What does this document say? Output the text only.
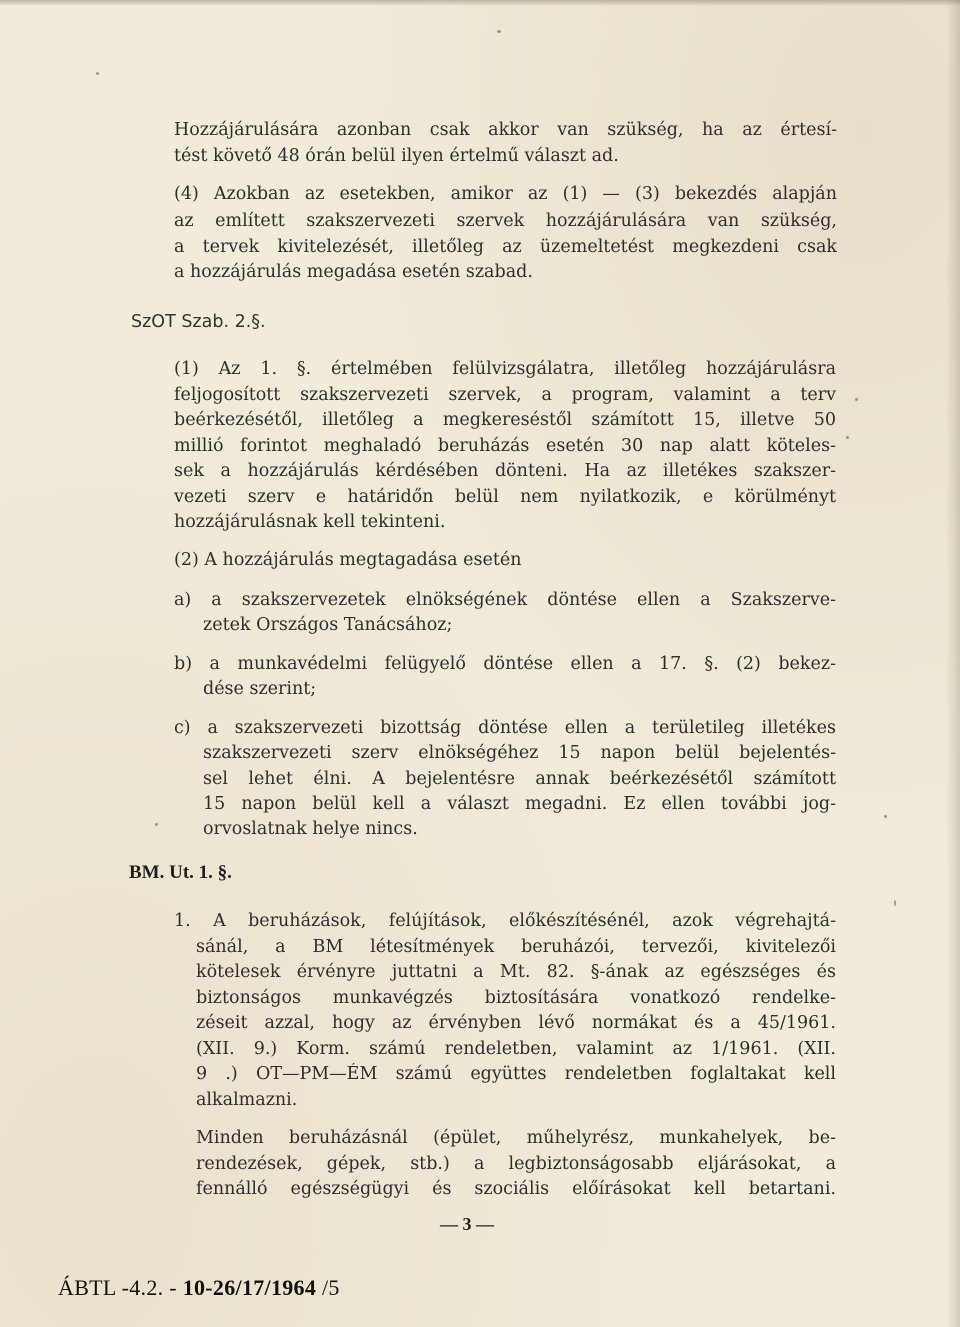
Hozzájárulására azonban csak akkor van szükség, ha az értesí-
tést követő 48 órán belül ilyen értelmű választ ad.
(4) Azokban az esetekben, amikor az (1) — (3) bekezdés alapján
az említett szakszervezeti szervek hozzájárulására van szükség,
a tervek kivitelezését, illetőleg az üzemeltetést megkezdeni csak
a hozzájárulás megadása esetén szabad.
(1) Az 1. §. értelmében felülvizsgálatra, illetőleg hozzájárulásra
feljogosított szakszervezeti szervek, a program, valamint a terv
beérkezésétől, illetőleg a megkereséstől számított 15, illetve 50
millió forintot meghaladó beruházás esetén 30 nap alatt köteles-
sek a hozzájárulás kérdésében dönteni. Ha az illetékes szakszer-
vezeti szerv e határidőn belül nem nyilatkozik, e körülményt
hozzájárulásnak kell tekinteni.
(2) A hozzájárulás megtagadása esetén
a) a szakszervezetek elnökségének döntése ellen a Szakszerve-
zetek Országos Tanácsához;
b) a munkavédelmi felügyelő döntése ellen a 17. §. (2) bekez-
dése szerint;
c) a szakszervezeti bizottság döntése ellen a területileg illetékes
szakszervezeti szerv elnökségéhez 15 napon belül bejelentés-
sel lehet élni. A bejelentésre annak beérkezésétől számított
15 napon belül kell a választ megadni. Ez ellen további jog-
orvoslatnak helye nincs.
1. A beruházások, felújítások, előkészítésénél, azok végrehajtá-
sánál, a BM létesítmények beruházói, tervezői, kivitelezői
kötelesek érvényre juttatni a Mt. 82. §-ának az egészséges és
biztonságos munkavégzés biztosítására vonatkozó rendelke-
zéseit azzal, hogy az érvényben lévő normákat és a 45/1961.
(XII. 9.) Korm. számú rendeletben, valamint az 1/1961. (XII.
9 .) OT—PM—ÉM számú együttes rendeletben foglaltakat kell
alkalmazni.
Minden beruházásnál (épület, műhelyrész, munkahelyek, be-
rendezések, gépek, stb.) a legbiztonságosabb eljárásokat, a
fennálló egészségügyi és szociális előírásokat kell betartani.
SzOT Szab. 2.§.
BM. Ut. 1. §.
— 3 —
ÁBTL -4.2. - 10-26/17/1964 /5
